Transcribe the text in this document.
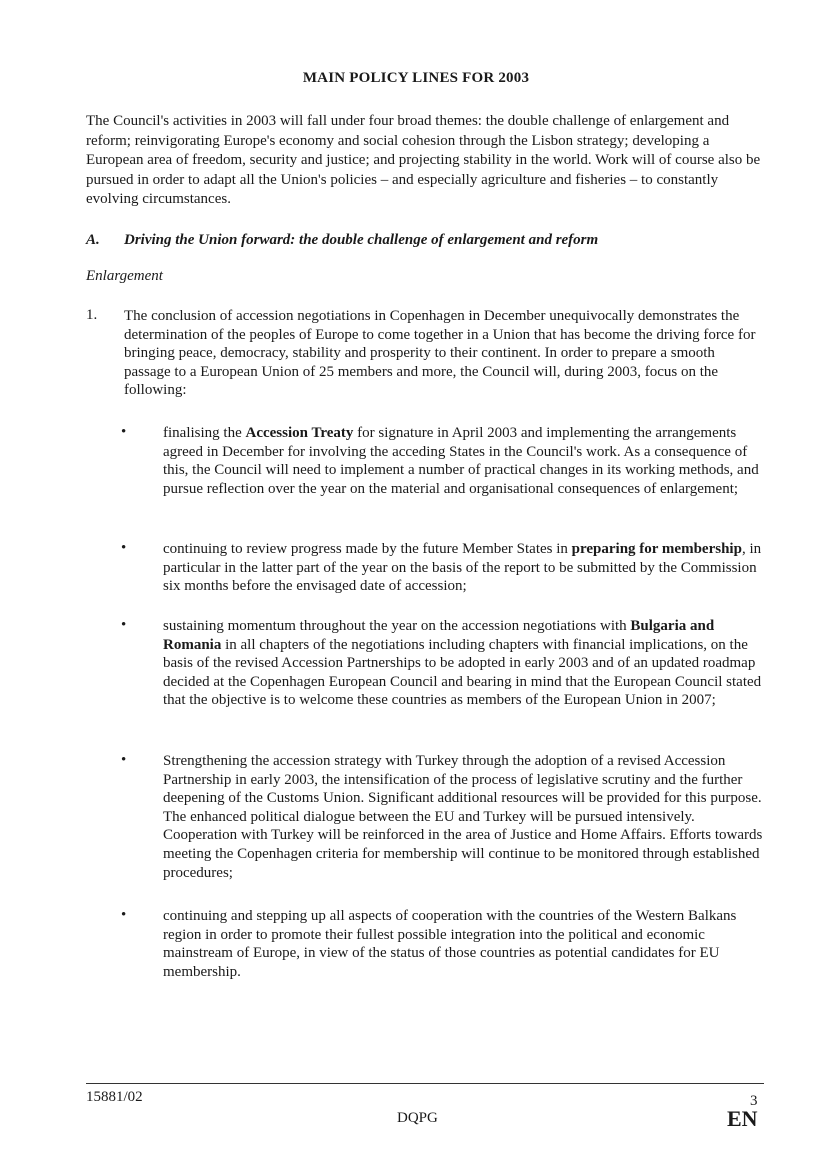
MAIN POLICY LINES FOR 2003
The Council's activities in 2003 will fall under four broad themes: the double challenge of enlargement and reform; reinvigorating Europe's economy and social cohesion through the Lisbon strategy; developing a European area of freedom, security and justice; and projecting stability in the world. Work will of course also be pursued in order to adapt all the Union's policies – and especially agriculture and fisheries – to constantly evolving circumstances.
A. Driving the Union forward: the double challenge of enlargement and reform
Enlargement
1. The conclusion of accession negotiations in Copenhagen in December unequivocally demonstrates the determination of the peoples of Europe to come together in a Union that has become the driving force for bringing peace, democracy, stability and prosperity to their continent. In order to prepare a smooth passage to a European Union of 25 members and more, the Council will, during 2003, focus on the following:
• finalising the Accession Treaty for signature in April 2003 and implementing the arrangements agreed in December for involving the acceding States in the Council's work. As a consequence of this, the Council will need to implement a number of practical changes in its working methods, and pursue reflection over the year on the material and organisational consequences of enlargement;
• continuing to review progress made by the future Member States in preparing for membership, in particular in the latter part of the year on the basis of the report to be submitted by the Commission six months before the envisaged date of accession;
• sustaining momentum throughout the year on the accession negotiations with Bulgaria and Romania in all chapters of the negotiations including chapters with financial implications, on the basis of the revised Accession Partnerships to be adopted in early 2003 and of an updated roadmap decided at the Copenhagen European Council and bearing in mind that the European Council stated that the objective is to welcome these countries as members of the European Union in 2007;
• Strengthening the accession strategy with Turkey through the adoption of a revised Accession Partnership in early 2003, the intensification of the process of legislative scrutiny and the further deepening of the Customs Union. Significant additional resources will be provided for this purpose. The enhanced political dialogue between the EU and Turkey will be pursued intensively. Cooperation with Turkey will be reinforced in the area of Justice and Home Affairs. Efforts towards meeting the Copenhagen criteria for membership will continue to be monitored through established procedures;
• continuing and stepping up all aspects of cooperation with the countries of the Western Balkans region in order to promote their fullest possible integration into the political and economic mainstream of Europe, in view of the status of those countries as potential candidates for EU membership.
15881/02	3
DQPG	EN
